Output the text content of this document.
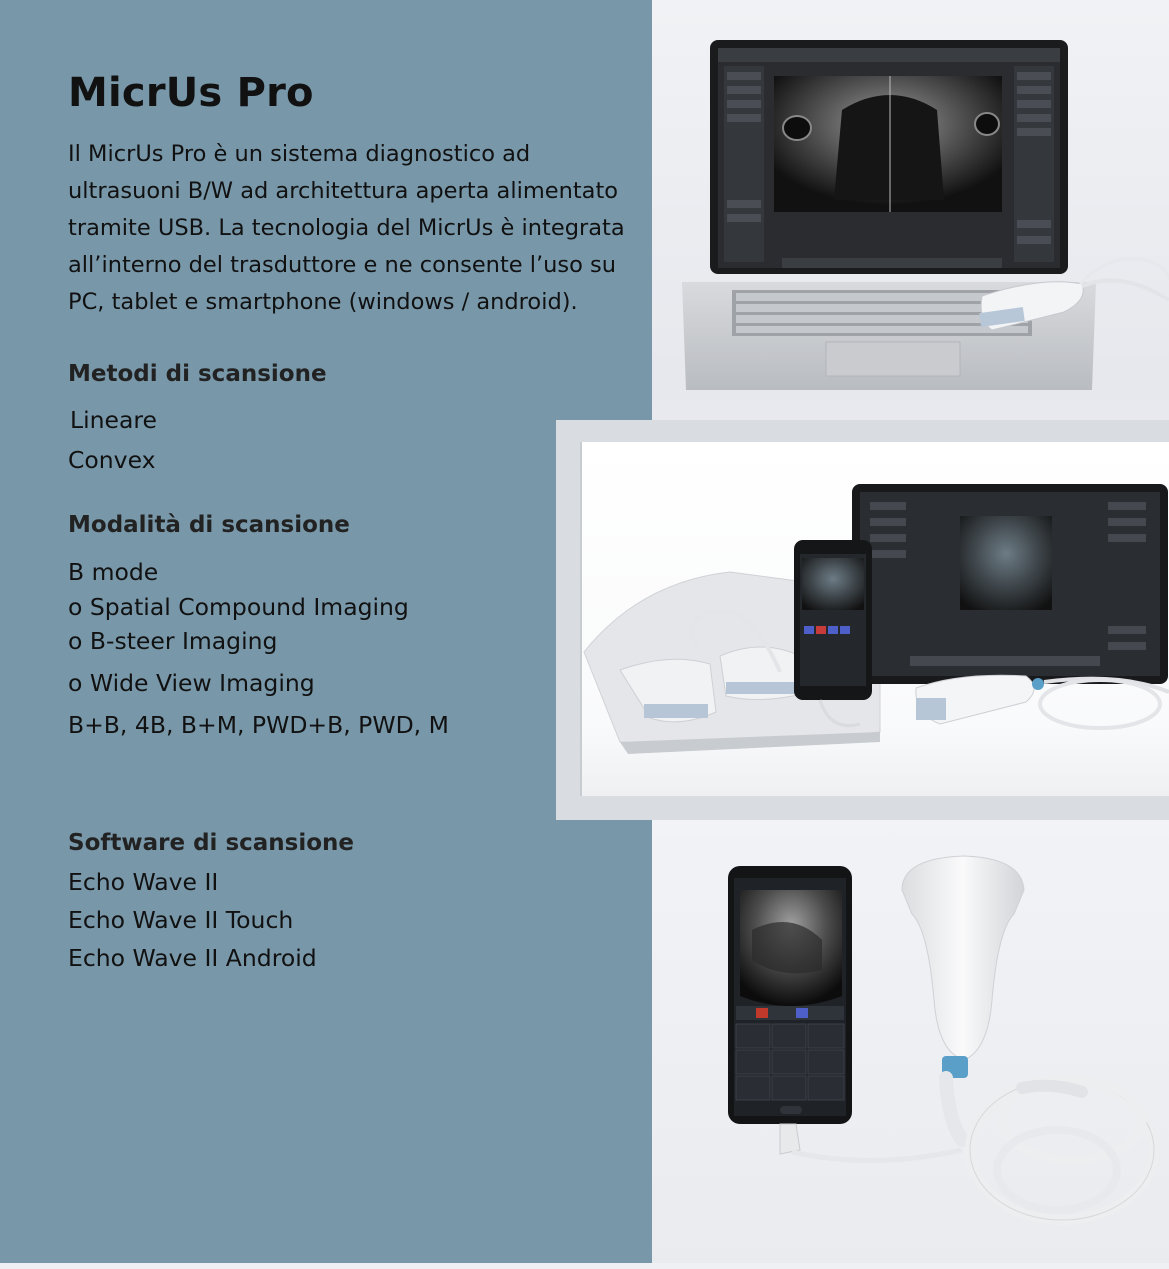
MicrUs Pro
Il MicrUs Pro è un sistema diagnostico ad
ultrasuoni B/W ad architettura aperta alimentato
tramite USB. La tecnologia del MicrUs è integrata
all’interno del trasduttore e ne consente l’uso su
PC, tablet e smartphone (windows / android).
Metodi di scansione
Lineare
Convex
Modalità di scansione
B mode
o Spatial Compound Imaging
o B-steer Imaging
o Wide View Imaging
B+B, 4B, B+M, PWD+B, PWD, M
Software di scansione
Echo Wave II
Echo Wave II Touch
Echo Wave II Android
